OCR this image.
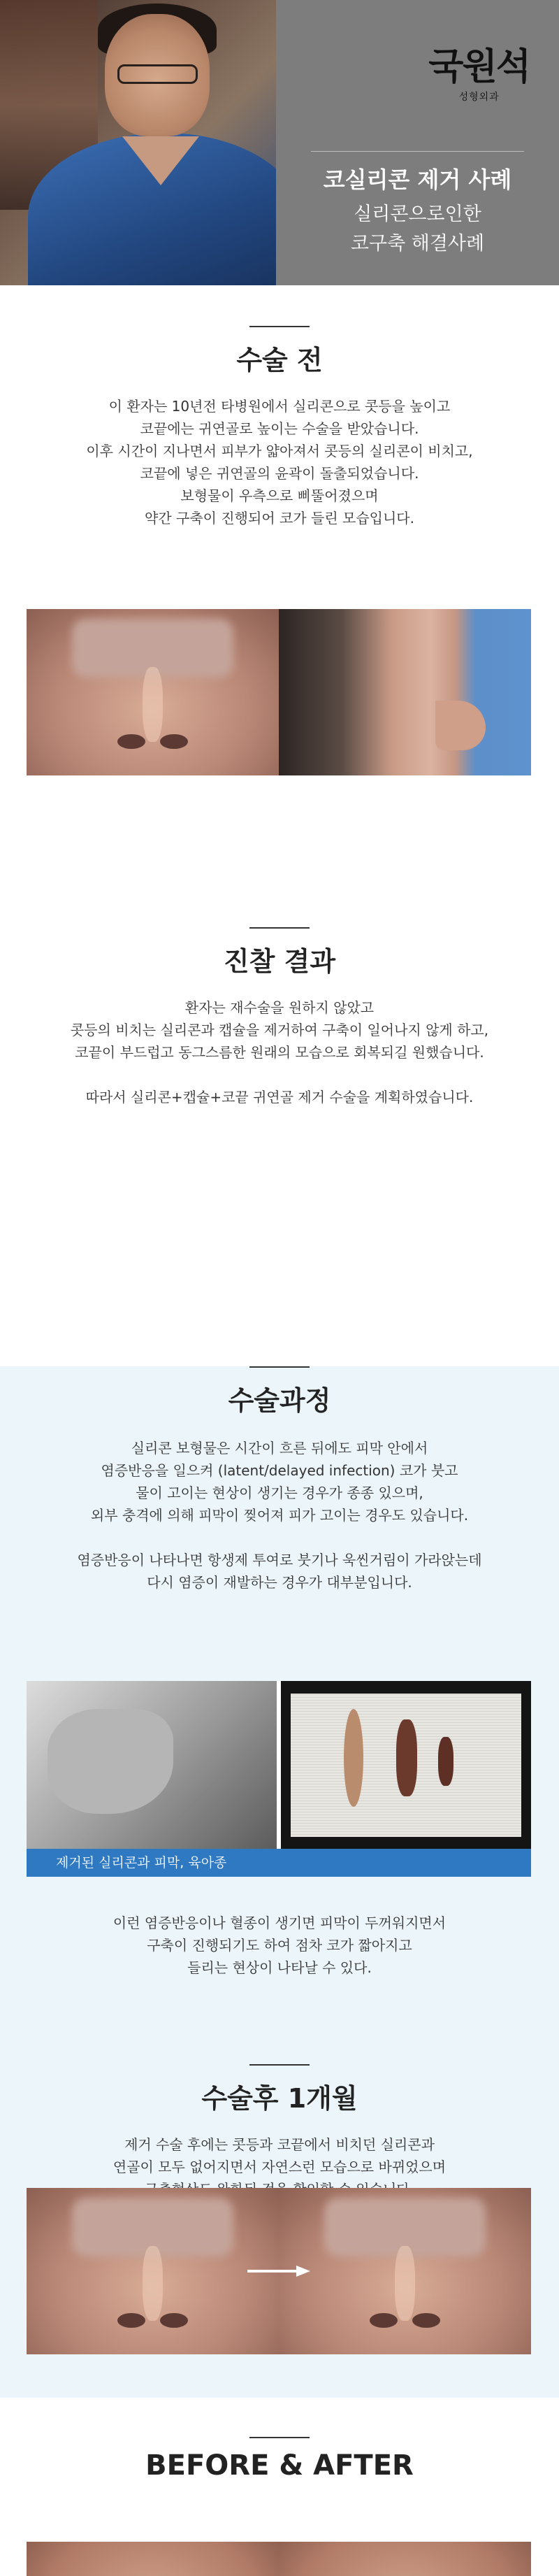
국원석
성형외과
코실리콘 제거 사례
실리콘으로인한
코구축 해결사례
수술 전
이 환자는 10년전 타병원에서 실리콘으로 콧등을 높이고
코끝에는 귀연골로 높이는 수술을 받았습니다.
이후 시간이 지나면서 피부가 얇아져서 콧등의 실리콘이 비치고,
코끝에 넣은 귀연골의 윤곽이 돌출되었습니다.
보형물이 우측으로 삐뚤어졌으며
약간 구축이 진행되어 코가 들린 모습입니다.
진찰 결과
환자는 재수술을 원하지 않았고
콧등의 비치는 실리콘과 캡슐을 제거하여 구축이 일어나지 않게 하고,
코끝이 부드럽고 동그스름한 원래의 모습으로 회복되길 원했습니다.
따라서 실리콘+캡슐+코끝 귀연골 제거 수술을 계획하였습니다.
수술과정
실리콘 보형물은 시간이 흐른 뒤에도 피막 안에서
염증반응을 일으켜 (latent/delayed infection) 코가 붓고
물이 고이는 현상이 생기는 경우가 종종 있으며,
외부 충격에 의해 피막이 찢어져 피가 고이는 경우도 있습니다.
염증반응이 나타나면 항생제 투여로 붓기나 욱씬거림이 가라앉는데
다시 염증이 재발하는 경우가 대부분입니다.
제거된 실리콘과 피막, 육아종
이런 염증반응이나 혈종이 생기면 피막이 두꺼워지면서
구축이 진행되기도 하여 점차 코가 짧아지고
들리는 현상이 나타날 수 있다.
수술후 1개월
제거 수술 후에는 콧등과 코끝에서 비치던 실리콘과
연골이 모두 없어지면서 자연스런 모습으로 바뀌었으며
BEFORE & AFTER
